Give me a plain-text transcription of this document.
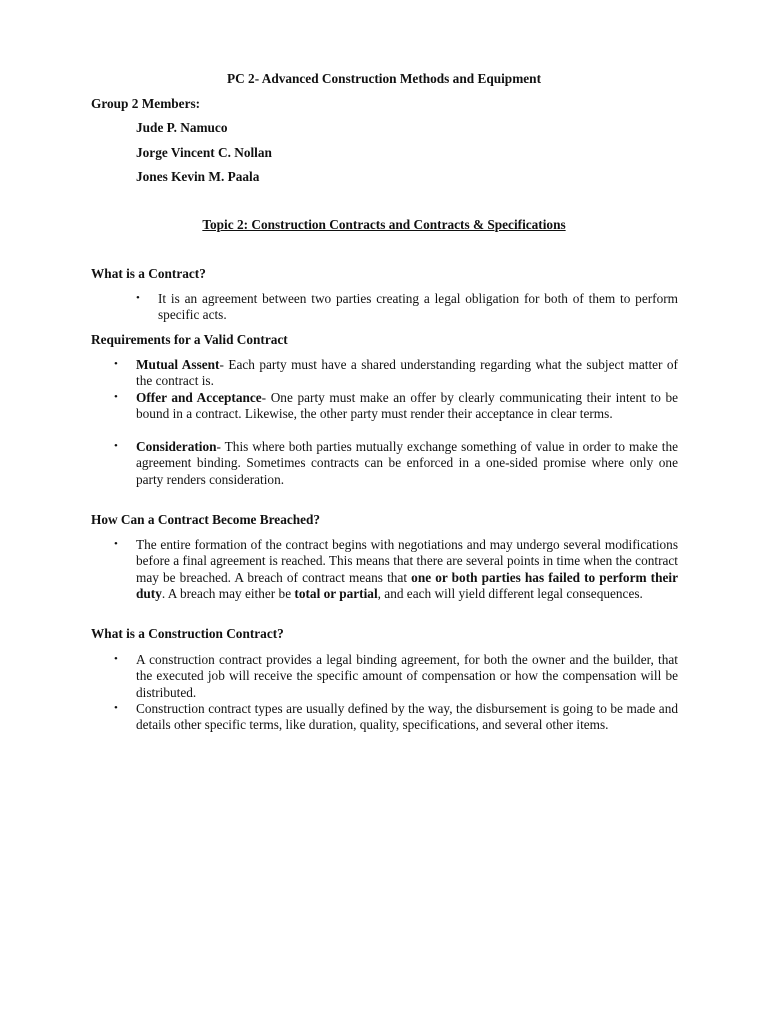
PC 2- Advanced Construction Methods and Equipment
Group 2 Members:
Jude P. Namuco
Jorge Vincent C. Nollan
Jones Kevin M. Paala
Topic 2: Construction Contracts and Contracts & Specifications
What is a Contract?
• It is an agreement between two parties creating a legal obligation for both of them to perform specific acts.
Requirements for a Valid Contract
• Mutual Assent- Each party must have a shared understanding regarding what the subject matter of the contract is.
• Offer and Acceptance- One party must make an offer by clearly communicating their intent to be bound in a contract. Likewise, the other party must render their acceptance in clear terms.
• Consideration- This where both parties mutually exchange something of value in order to make the agreement binding. Sometimes contracts can be enforced in a one-sided promise where only one party renders consideration.
How Can a Contract Become Breached?
• The entire formation of the contract begins with negotiations and may undergo several modifications before a final agreement is reached. This means that there are several points in time when the contract may be breached. A breach of contract means that one or both parties has failed to perform their duty. A breach may either be total or partial, and each will yield different legal consequences.
What is a Construction Contract?
• A construction contract provides a legal binding agreement, for both the owner and the builder, that the executed job will receive the specific amount of compensation or how the compensation will be distributed.
• Construction contract types are usually defined by the way, the disbursement is going to be made and details other specific terms, like duration, quality, specifications, and several other items.
